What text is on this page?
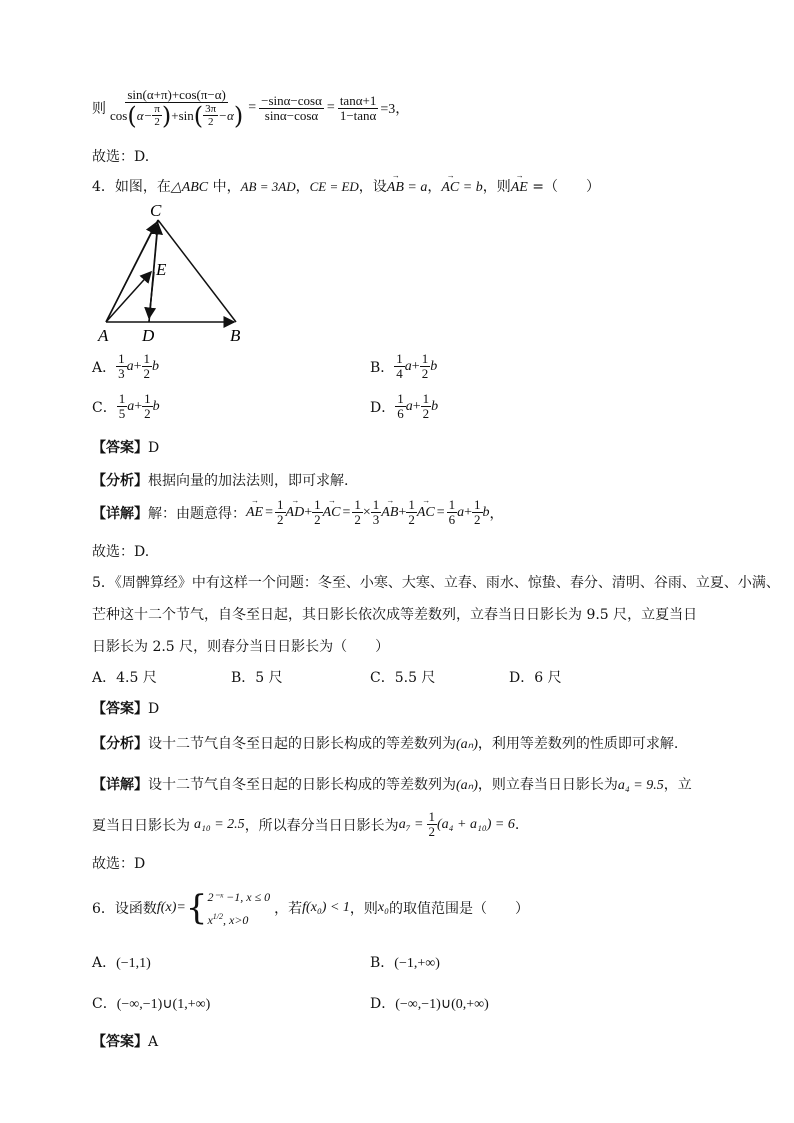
则
sin(α+π)+cos(π−α)
cos ( $\alpha- \frac{\pi}{2}$ ) +sin ( $\frac{3\pi}{2} -\alpha$ ) = $\frac{-\sin\alpha-\cos\alpha}{\sin\alpha-\cos\alpha} = \frac{\tan\alpha+1}{1-\tan\alpha} =3$，
故选：D.
4．如图，在△ABC 中，AB = 3AD，CE = ED，设
→
AB = a，
→
AC = b，则
→
AE =（　　）
C
E
A D	B
A． $\frac{1}{3}$ $a + \frac{1}{2}$ b	B． $\frac{1}{4}$ $a + \frac{1}{2}$ b
C． $\frac{1}{5}$ $a + \frac{1}{2}$ b	D． $\frac{1}{6}$ $a + \frac{1}{2}$ b
【答案】D
【分析】根据向量的加法法则，即可求解.
【详解】 解：由题意得：
→
AE = $\frac{1}{2}$ →
AD + $\frac{1}{2}$ →
AC = $\frac{1}{2} \times \frac{1}{3}$ →
AB + $\frac{1}{2}$ →
AC = $\frac{1}{6}$ $a + \frac{1}{2}$ b ，
故选：D.
5．《周髀算经》中有这样一个问题：冬至、小寒、大寒、立春、雨水、惊蛰、春分、清明、谷雨、立夏、小满、
芒种这十二个节气，自冬至日起，其日影长依次成等差数列，立春当日日影长为 9.5 尺，立夏当日
日影长为 2.5 尺，则春分当日日影长为（　　）
A．4.5 尺	B．5 尺	C．5.5 尺	D．6 尺
【答案】D
【分析】设十二节气自冬至日起的日影长构成的等差数列为(aₙ)，利用等差数列的性质即可求解.
【详解】设十二节气自冬至日起的日影长构成的等差数列为(aₙ)，则立春当日日影长为a₄ = 9.5，立
夏当日日影长为 a₁₀ = 2.5 ，所以春分当日日影长为 $a_7 = \frac{1}{2} (a_4 + a_{10}) = 6$ .
故选：D
6．设函数 f(x)= { 2⁻ˣ −1, x ≤ 0
$x^{1/2}$, x>0
，若 f(x₀) < 1 ，则 x₀ 的取值范围是（　　）
A．(−1,1)	B．(−1,+∞)
C．(−∞,−1)∪(1,+∞)	D．(−∞,−1)∪(0,+∞)
【答案】A
